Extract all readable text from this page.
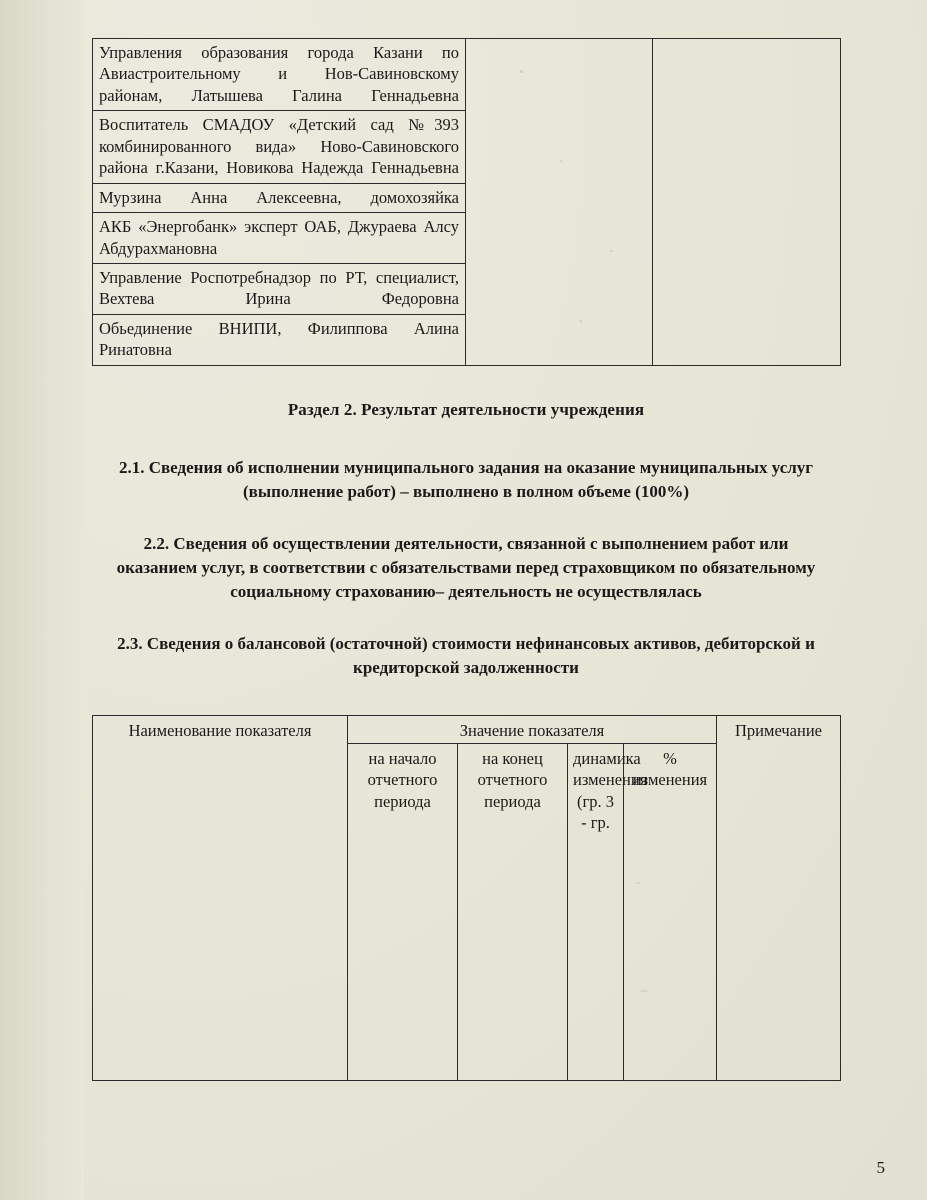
Управления образования города Казани по Авиастроительному и Нов-Савиновскому районам, Латышева Галина Геннадьевна		
Воспитатель СМАДОУ «Детский сад №393 комбинированного вида» Ново-Савиновского района г.Казани, Новикова Надежда Геннадьевна		
Мурзина Анна Алексеевна, домохозяйка		
АКБ «Энергобанк» эксперт ОАБ, Джураева Алсу Абдурахмановна		
Управление Роспотребнадзор по РТ, специалист, Вехтева Ирина Федоровна		
Обьединение ВНИПИ, Филиппова Алина Ринатовна		
Раздел 2. Результат деятельности учреждения

2.1. Сведения об исполнении муниципального задания на оказание муниципальных услуг (выполнение работ) – выполнено в полном объеме (100%)

2.2. Сведения об осуществлении деятельности, связанной с выполнением работ или оказанием услуг, в соответствии с обязательствами перед страховщиком по обязательному социальному страхованию– деятельность не осуществлялась

2.3. Сведения о балансовой (остаточной) стоимости нефинансовых активов, дебиторской и кредиторской задолженности

Наименование показателя	Значение показателя				Примечание
	на начало отчетного периода	на конец отчетного периода	динамика изменения (гр. 3 - гр.	% изменения	
5
